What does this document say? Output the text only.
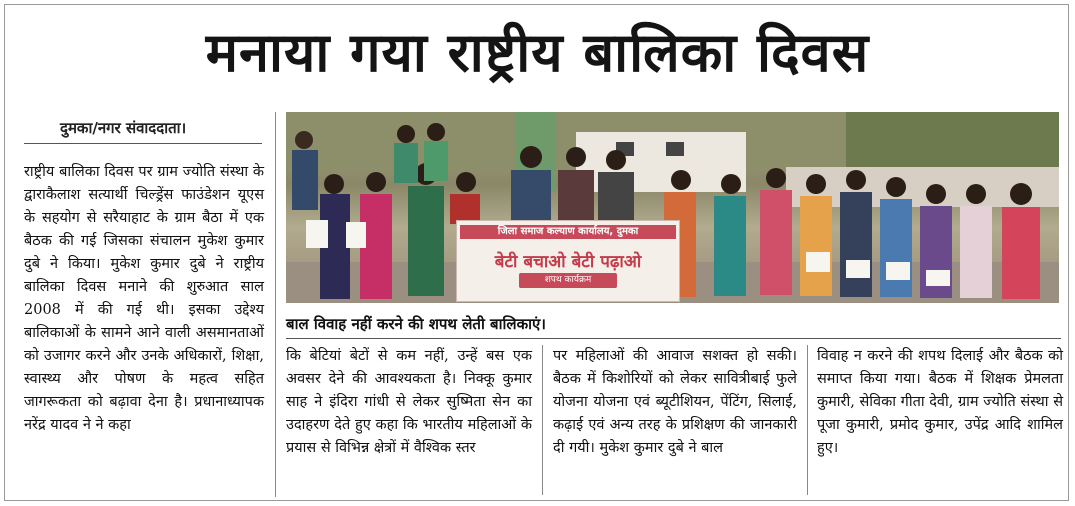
मनाया गया राष्ट्रीय बालिका दिवस
दुमका/नगर संवाददाता।
राष्ट्रीय बालिका दिवस पर ग्राम ज्योति संस्था के द्वाराकैलाश सत्यार्थी चिल्ड्रेंस फाउंडेशन यूएस के सहयोग से सरैयाहाट के ग्राम बैठा में एक बैठक की गई जिसका संचालन मुकेश कुमार दुबे ने किया। मुकेश कुमार दुबे ने राष्ट्रीय बालिका दिवस मनाने की शुरुआत साल 2008 में की गई थी। इसका उद्देश्य बालिकाओं के सामने आने वाली असमानताओं को उजागर करने और उनके अधिकारों, शिक्षा, स्वास्थ्य और पोषण के महत्व सहित जागरूकता को बढ़ावा देना है। प्रधानाध्यापक नरेंद्र यादव ने ने कहा
जिला समाज कल्याण कार्यालय, दुमका
बेटी बचाओ बेटी पढ़ाओ
शपथ कार्यक्रम
बाल विवाह नहीं करने की शपथ लेती बालिकाएं।
कि बेटियां बेटों से कम नहीं, उन्हें बस एक अवसर देने की आवश्यकता है। निक्कू कुमार साह ने इंदिरा गांधी से लेकर सुष्मिता सेन का उदाहरण देते हुए कहा कि भारतीय महिलाओं के प्रयास से विभिन्न क्षेत्रों में वैश्विक स्तर
पर महिलाओं की आवाज सशक्त हो सकी। बैठक में किशोरियों को लेकर सावित्रीबाई फुले योजना योजना एवं ब्यूटीशियन, पेंटिंग, सिलाई, कढ़ाई एवं अन्य तरह के प्रशिक्षण की जानकारी दी गयी। मुकेश कुमार दुबे ने बाल
विवाह न करने की शपथ दिलाई और बैठक को समाप्त किया गया। बैठक में शिक्षक प्रेमलता कुमारी, सेविका गीता देवी, ग्राम ज्योति संस्था से पूजा कुमारी, प्रमोद कुमार, उपेंद्र आदि शामिल हुए।
